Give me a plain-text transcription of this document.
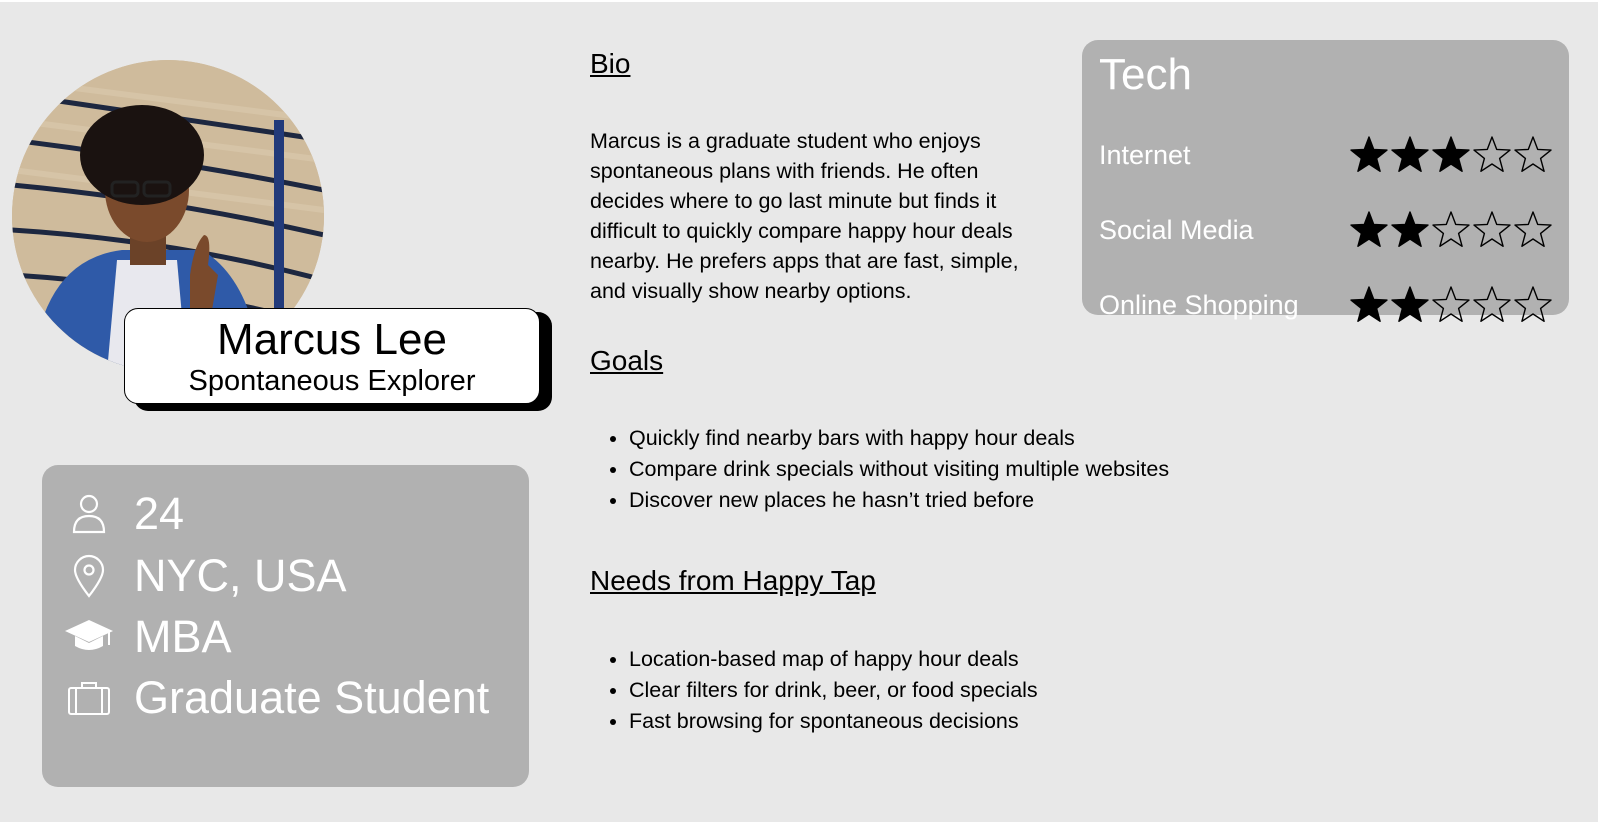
Marcus Lee
Spontaneous Explorer
24
NYC, USA
MBA
Graduate Student
Bio
Marcus is a graduate student who enjoys spontaneous plans with friends. He often decides where to go last minute but finds it difficult to quickly compare happy hour deals nearby. He prefers apps that are fast, simple, and visually show nearby options.
Goals
• Quickly find nearby bars with happy hour deals
• Compare drink specials without visiting multiple websites
• Discover new places he hasn’t tried before
Needs from Happy Tap
• Location-based map of happy hour deals
• Clear filters for drink, beer, or food specials
• Fast browsing for spontaneous decisions
Tech
Internet
Social Media
Online Shopping
